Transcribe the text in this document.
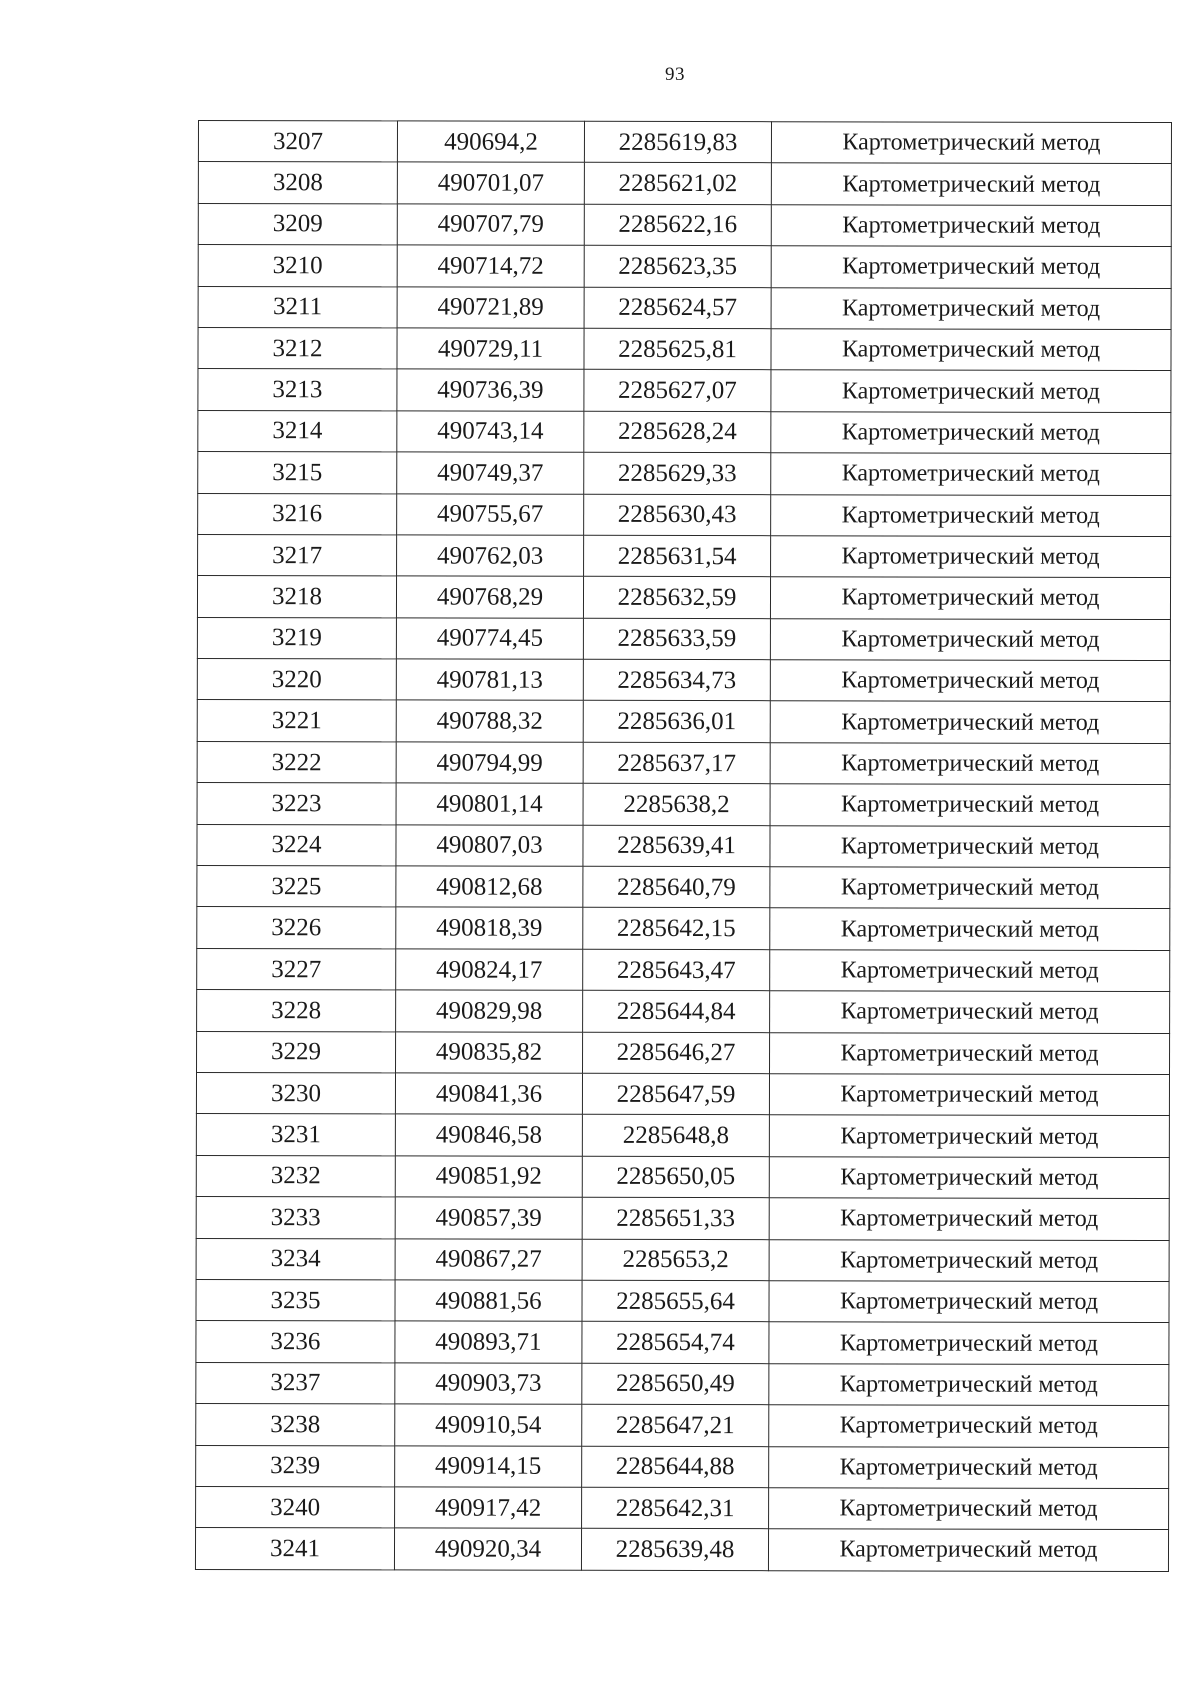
93
3207	490694,2	2285619,83	Картометрический метод
3208	490701,07	2285621,02	Картометрический метод
3209	490707,79	2285622,16	Картометрический метод
3210	490714,72	2285623,35	Картометрический метод
3211	490721,89	2285624,57	Картометрический метод
3212	490729,11	2285625,81	Картометрический метод
3213	490736,39	2285627,07	Картометрический метод
3214	490743,14	2285628,24	Картометрический метод
3215	490749,37	2285629,33	Картометрический метод
3216	490755,67	2285630,43	Картометрический метод
3217	490762,03	2285631,54	Картометрический метод
3218	490768,29	2285632,59	Картометрический метод
3219	490774,45	2285633,59	Картометрический метод
3220	490781,13	2285634,73	Картометрический метод
3221	490788,32	2285636,01	Картометрический метод
3222	490794,99	2285637,17	Картометрический метод
3223	490801,14	2285638,2	Картометрический метод
3224	490807,03	2285639,41	Картометрический метод
3225	490812,68	2285640,79	Картометрический метод
3226	490818,39	2285642,15	Картометрический метод
3227	490824,17	2285643,47	Картометрический метод
3228	490829,98	2285644,84	Картометрический метод
3229	490835,82	2285646,27	Картометрический метод
3230	490841,36	2285647,59	Картометрический метод
3231	490846,58	2285648,8	Картометрический метод
3232	490851,92	2285650,05	Картометрический метод
3233	490857,39	2285651,33	Картометрический метод
3234	490867,27	2285653,2	Картометрический метод
3235	490881,56	2285655,64	Картометрический метод
3236	490893,71	2285654,74	Картометрический метод
3237	490903,73	2285650,49	Картометрический метод
3238	490910,54	2285647,21	Картометрический метод
3239	490914,15	2285644,88	Картометрический метод
3240	490917,42	2285642,31	Картометрический метод
3241	490920,34	2285639,48	Картометрический метод
